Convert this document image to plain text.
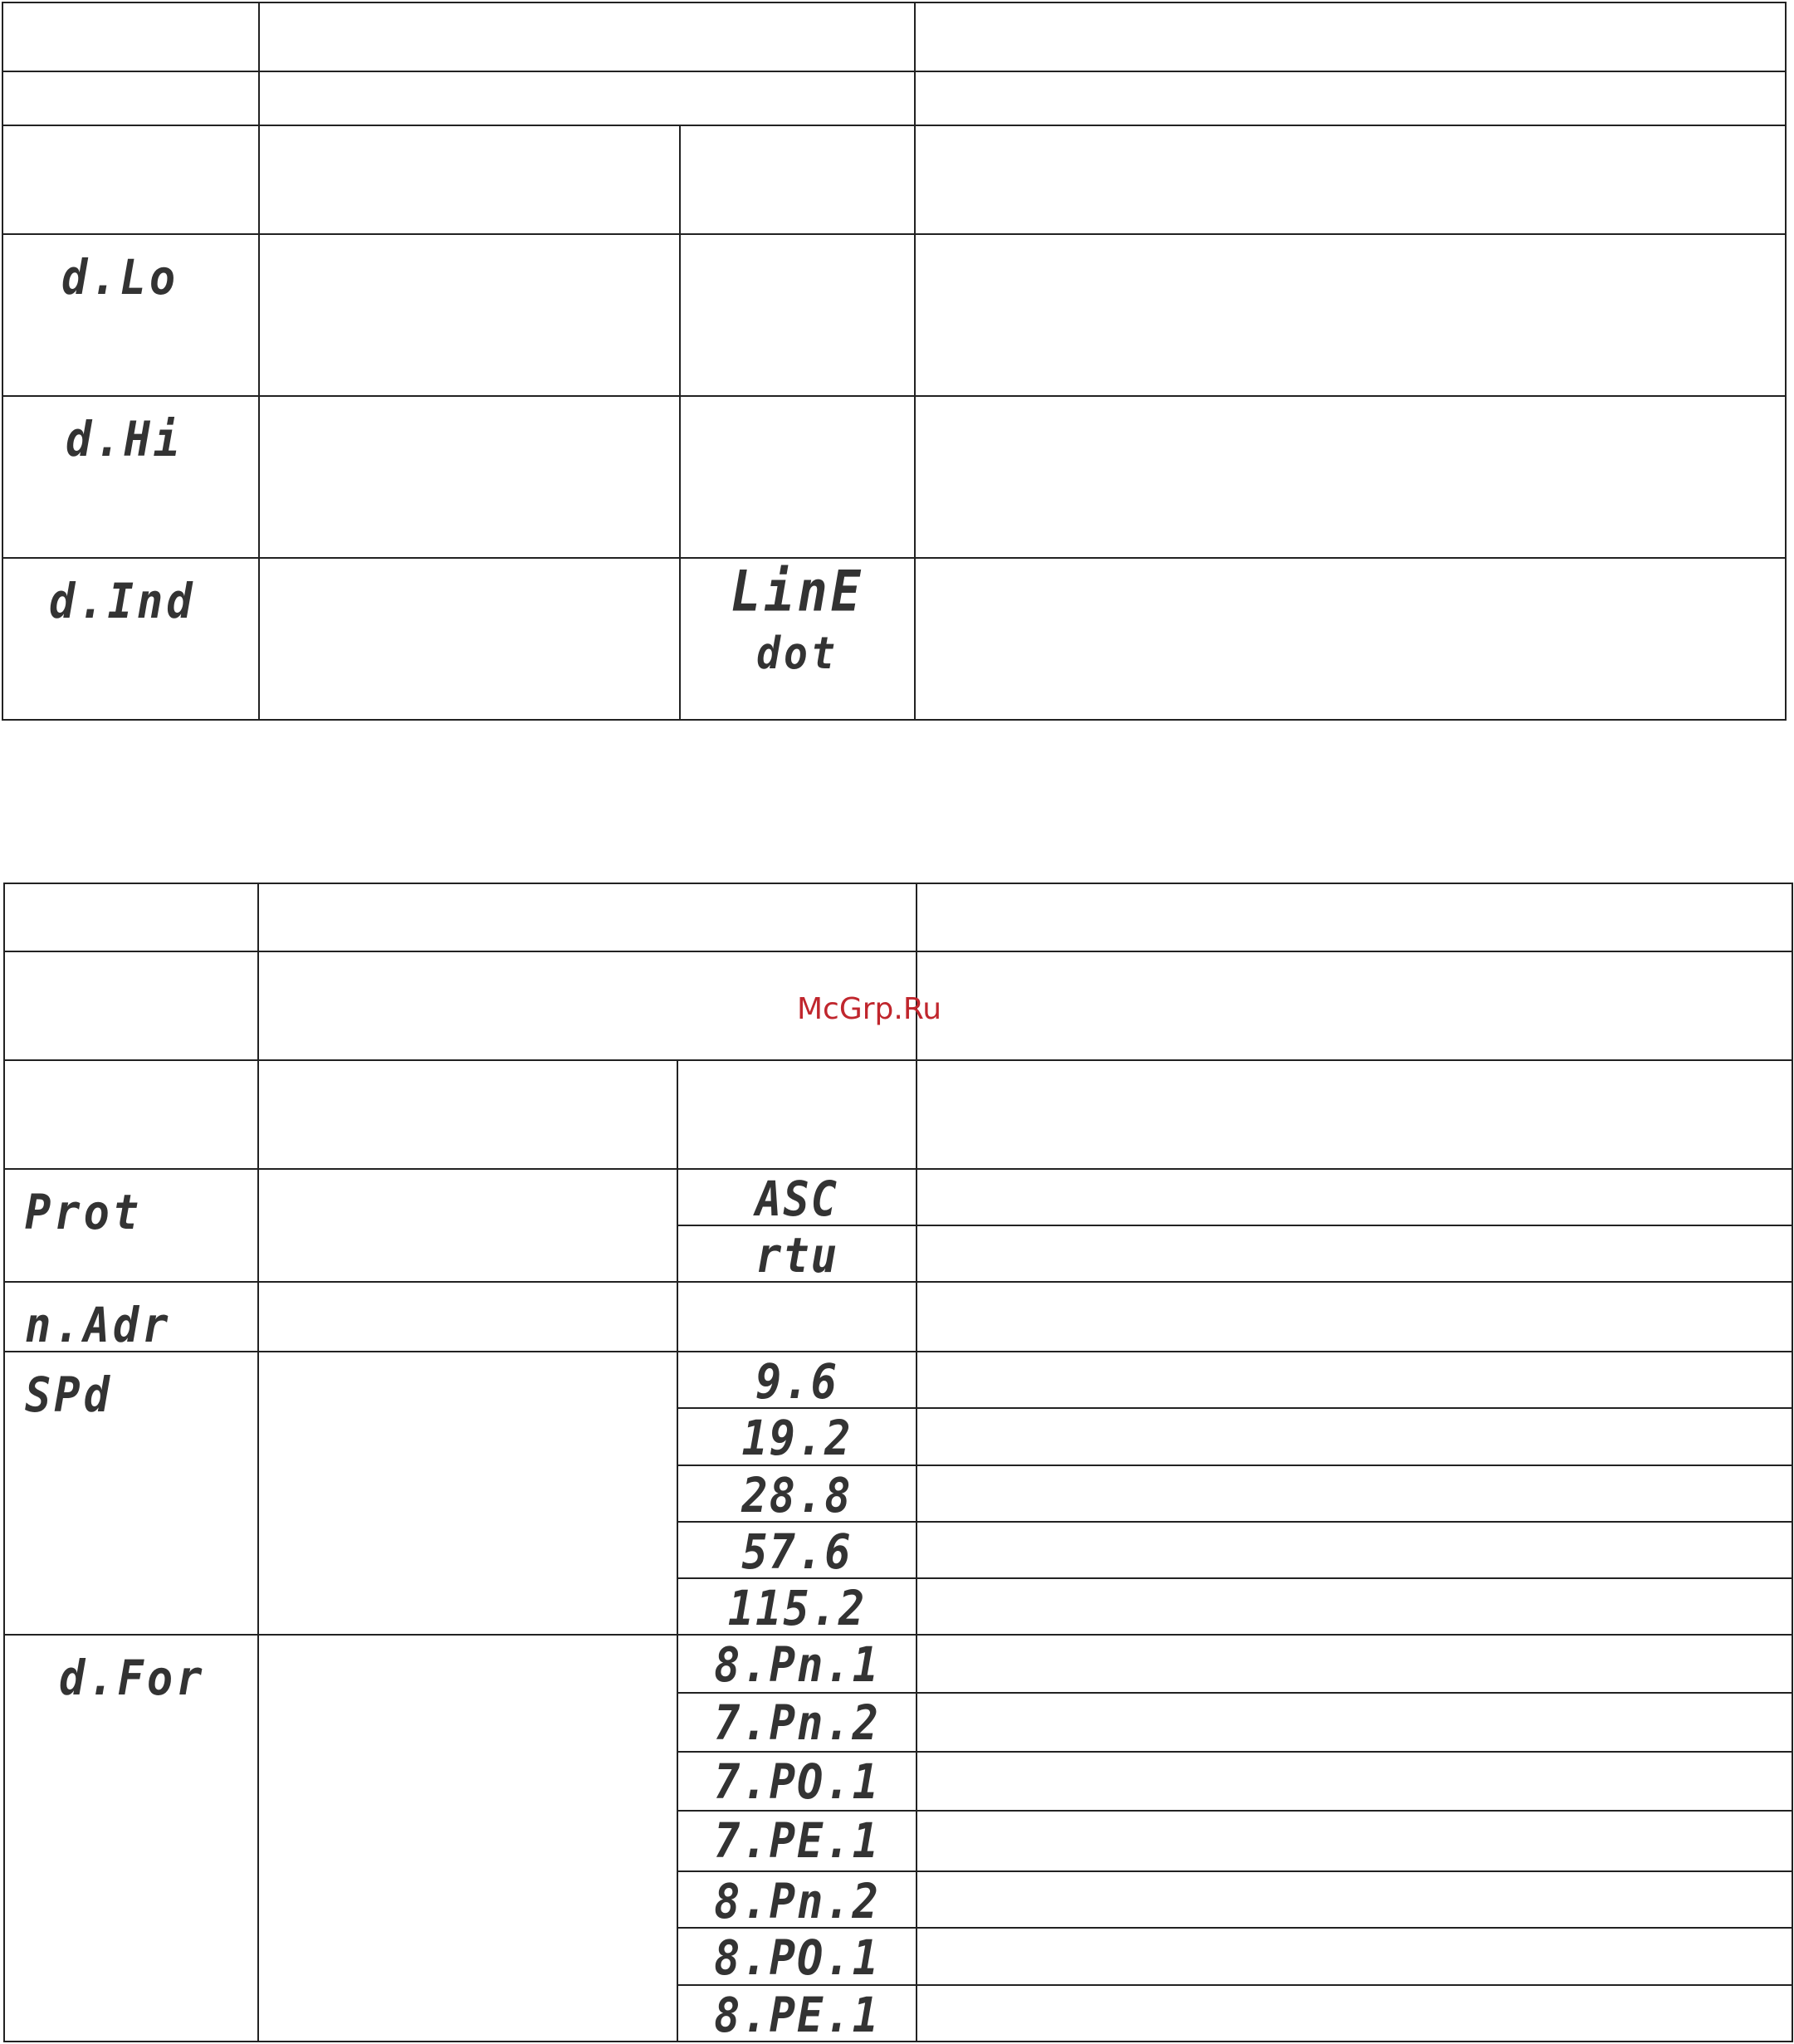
d.Lo			
d.Hi			
d.Ind		LinE
dot	

Prot		ASC	
		rtu	
n.Adr			
SPd		9.6	
		19.2	
		28.8	
		57.6	
		115.2	
d.For		8.Pn.1	
		7.Pn.2	
		7.PO.1	
		7.PE.1	
		8.Pn.2	
		8.PO.1	
		8.PE.1	
McGrp.Ru
